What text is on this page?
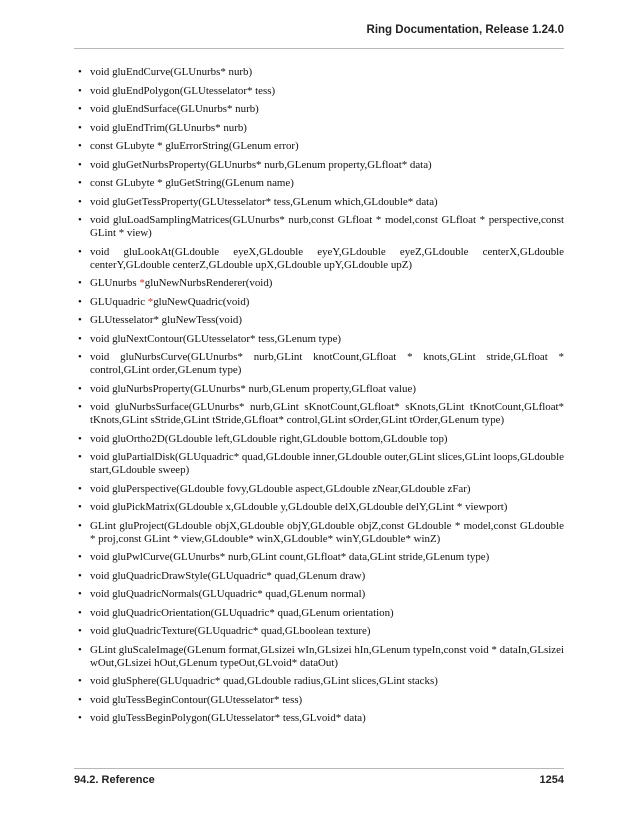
Ring Documentation, Release 1.24.0
• void gluEndCurve(GLUnurbs* nurb)
• void gluEndPolygon(GLUtesselator* tess)
• void gluEndSurface(GLUnurbs* nurb)
• void gluEndTrim(GLUnurbs* nurb)
• const GLubyte * gluErrorString(GLenum error)
• void gluGetNurbsProperty(GLUnurbs* nurb,GLenum property,GLfloat* data)
• const GLubyte * gluGetString(GLenum name)
• void gluGetTessProperty(GLUtesselator* tess,GLenum which,GLdouble* data)
• void gluLoadSamplingMatrices(GLUnurbs* nurb,const GLfloat * model,const GLfloat * perspective,const GLint * view)
• void gluLookAt(GLdouble eyeX,GLdouble eyeY,GLdouble eyeZ,GLdouble centerX,GLdouble centerY,GLdouble centerZ,GLdouble upX,GLdouble upY,GLdouble upZ)
• GLUnurbs *gluNewNurbsRenderer(void)
• GLUquadric *gluNewQuadric(void)
• GLUtesselator* gluNewTess(void)
• void gluNextContour(GLUtesselator* tess,GLenum type)
• void gluNurbsCurve(GLUnurbs* nurb,GLint knotCount,GLfloat * knots,GLint stride,GLfloat * control,GLint order,GLenum type)
• void gluNurbsProperty(GLUnurbs* nurb,GLenum property,GLfloat value)
• void gluNurbsSurface(GLUnurbs* nurb,GLint sKnotCount,GLfloat* sKnots,GLint tKnotCount,GLfloat* tKnots,GLint sStride,GLint tStride,GLfloat* control,GLint sOrder,GLint tOrder,GLenum type)
• void gluOrtho2D(GLdouble left,GLdouble right,GLdouble bottom,GLdouble top)
• void gluPartialDisk(GLUquadric* quad,GLdouble inner,GLdouble outer,GLint slices,GLint loops,GLdouble start,GLdouble sweep)
• void gluPerspective(GLdouble fovy,GLdouble aspect,GLdouble zNear,GLdouble zFar)
• void gluPickMatrix(GLdouble x,GLdouble y,GLdouble delX,GLdouble delY,GLint * viewport)
• GLint gluProject(GLdouble objX,GLdouble objY,GLdouble objZ,const GLdouble * model,const GLdouble * proj,const GLint * view,GLdouble* winX,GLdouble* winY,GLdouble* winZ)
• void gluPwlCurve(GLUnurbs* nurb,GLint count,GLfloat* data,GLint stride,GLenum type)
• void gluQuadricDrawStyle(GLUquadric* quad,GLenum draw)
• void gluQuadricNormals(GLUquadric* quad,GLenum normal)
• void gluQuadricOrientation(GLUquadric* quad,GLenum orientation)
• void gluQuadricTexture(GLUquadric* quad,GLboolean texture)
• GLint gluScaleImage(GLenum format,GLsizei wIn,GLsizei hIn,GLenum typeIn,const void * dataIn,GLsizei wOut,GLsizei hOut,GLenum typeOut,GLvoid* dataOut)
• void gluSphere(GLUquadric* quad,GLdouble radius,GLint slices,GLint stacks)
• void gluTessBeginContour(GLUtesselator* tess)
• void gluTessBeginPolygon(GLUtesselator* tess,GLvoid* data)
94.2. Reference	1254
